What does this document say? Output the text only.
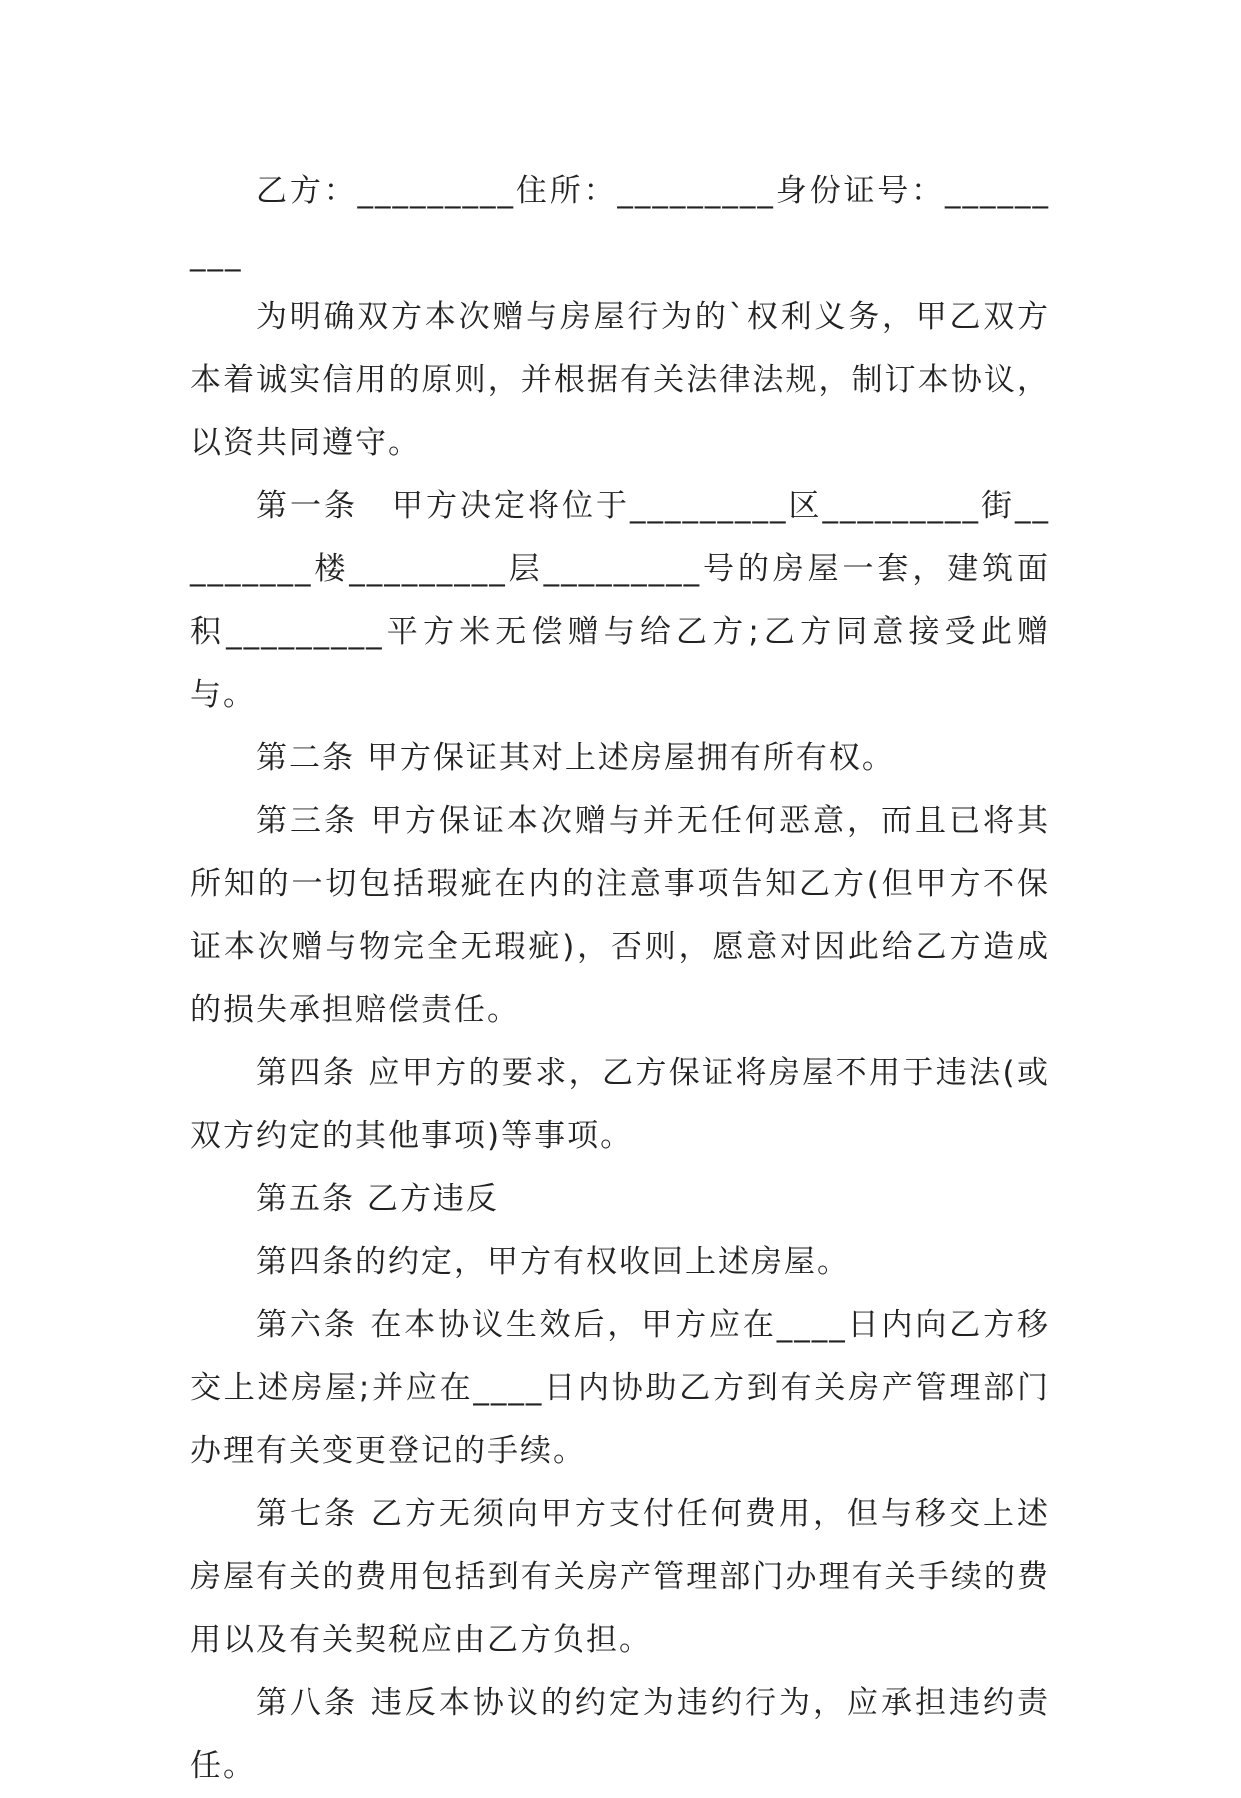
乙方：_________住所：_________身份证号：_________

为明确双方本次赠与房屋行为的`权利义务，甲乙双方本着诚实信用的原则，并根据有关法律法规，制订本协议，以资共同遵守。

第一条　甲方决定将位于_________区_________街_________楼_________层_________号的房屋一套，建筑面积_________平方米无偿赠与给乙方;乙方同意接受此赠与。

第二条 甲方保证其对上述房屋拥有所有权。

第三条 甲方保证本次赠与并无任何恶意，而且已将其所知的一切包括瑕疵在内的注意事项告知乙方(但甲方不保证本次赠与物完全无瑕疵)，否则，愿意对因此给乙方造成的损失承担赔偿责任。

第四条 应甲方的要求，乙方保证将房屋不用于违法(或双方约定的其他事项)等事项。

第五条 乙方违反

第四条的约定，甲方有权收回上述房屋。

第六条 在本协议生效后，甲方应在____日内向乙方移交上述房屋;并应在____日内协助乙方到有关房产管理部门办理有关变更登记的手续。

第七条 乙方无须向甲方支付任何费用，但与移交上述房屋有关的费用包括到有关房产管理部门办理有关手续的费用以及有关契税应由乙方负担。

第八条 违反本协议的约定为违约行为，应承担违约责任。
